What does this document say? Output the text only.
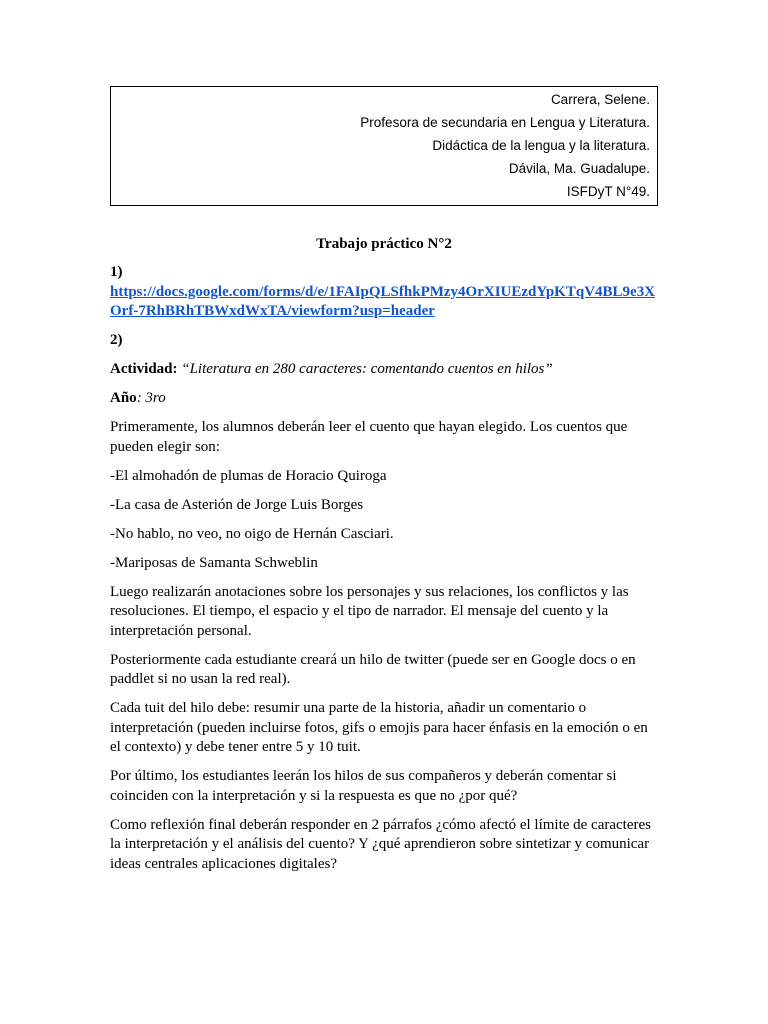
Carrera, Selene.
Profesora de secundaria en Lengua y Literatura.
Didáctica de la lengua y la literatura.
Dávila, Ma. Guadalupe.
ISFDyT N°49.
Trabajo práctico N°2
1)
https://docs.google.com/forms/d/e/1FAIpQLSfhkPMzy4OrXIUEzdYpKTqV4BL9e3XOrf-7RhBRhTBWxdWxTA/viewform?usp=header
2)

Actividad: “Literatura en 280 caracteres: comentando cuentos en hilos”

Año: 3ro

Primeramente, los alumnos deberán leer el cuento que hayan elegido. Los cuentos que pueden elegir son:

-El almohadón de plumas de Horacio Quiroga

-La casa de Asterión de Jorge Luis Borges

-No hablo, no veo, no oigo de Hernán Casciari.

-Mariposas de Samanta Schweblin

Luego realizarán anotaciones sobre los personajes y sus relaciones, los conflictos y las resoluciones. El tiempo, el espacio y el tipo de narrador. El mensaje del cuento y la interpretación personal.

Posteriormente cada estudiante creará un hilo de twitter (puede ser en Google docs o en paddlet si no usan la red real).

Cada tuit del hilo debe: resumir una parte de la historia, añadir un comentario o interpretación (pueden incluirse fotos, gifs o emojis para hacer énfasis en la emoción o en el contexto) y debe tener entre 5 y 10 tuit.

Por último, los estudiantes leerán los hilos de sus compañeros y deberán comentar si coinciden con la interpretación y si la respuesta es que no ¿por qué?

Como reflexión final deberán responder en 2 párrafos ¿cómo afectó el límite de caracteres la interpretación y el análisis del cuento? Y ¿qué aprendieron sobre sintetizar y comunicar ideas centrales aplicaciones digitales?
